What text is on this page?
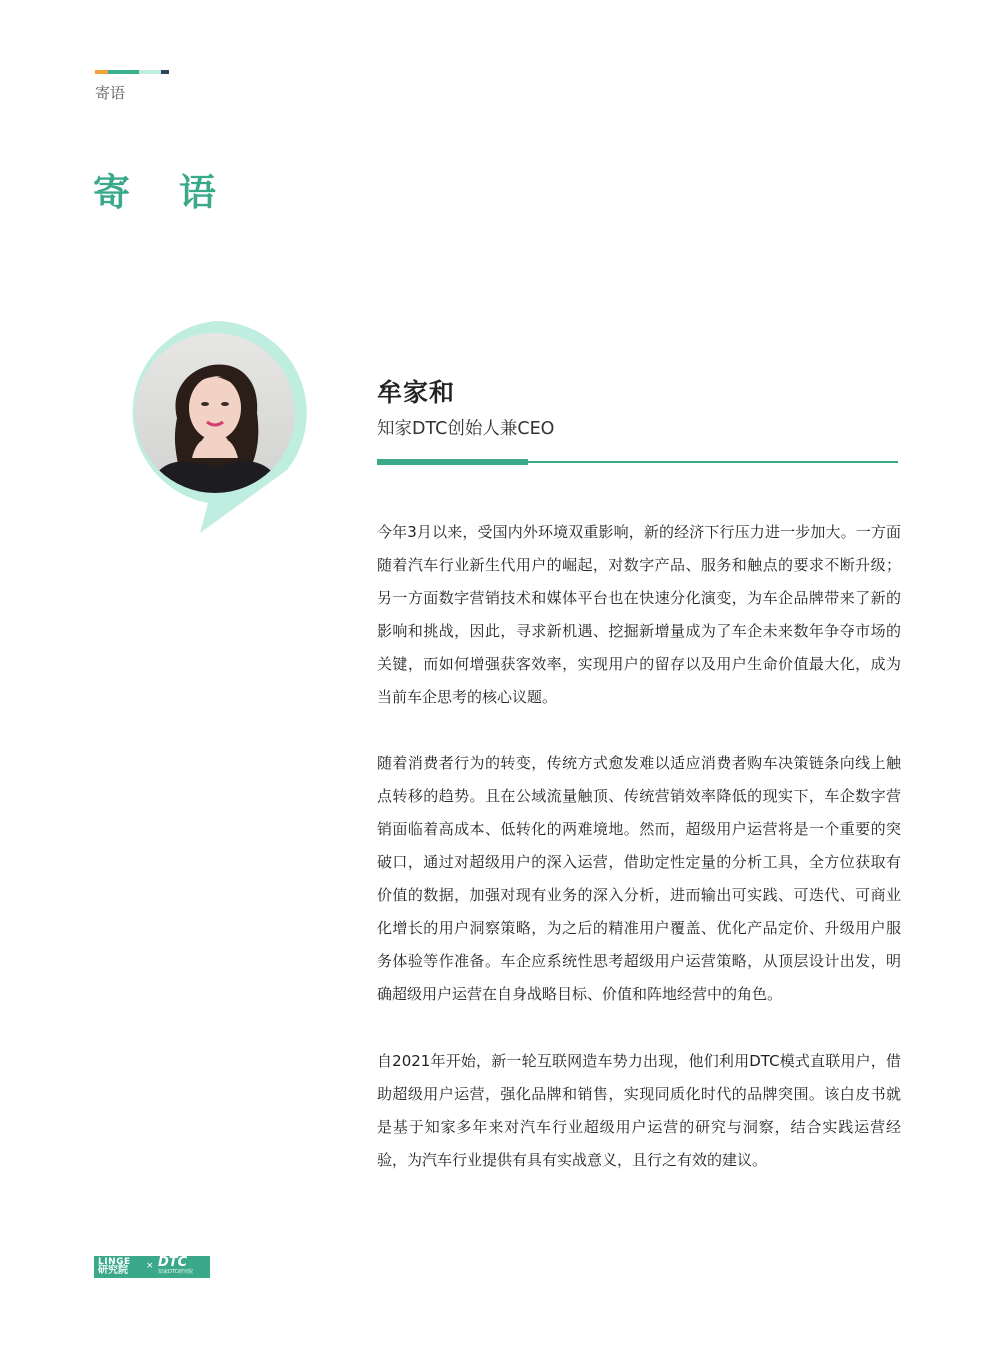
寄语
寄 语
牟家和
知家DTC创始人兼CEO

今年3月以来，受国内外环境双重影响，新的经济下行压力进一步加大。一方面随着汽车行业新生代用户的崛起，对数字产品、服务和触点的要求不断升级；另一方面数字营销技术和媒体平台也在快速分化演变，为车企品牌带来了新的影响和挑战，因此，寻求新机遇、挖掘新增量成为了车企未来数年争夺市场的关键，而如何增强获客效率，实现用户的留存以及用户生命价值最大化，成为当前车企思考的核心议题。

随着消费者行为的转变，传统方式愈发难以适应消费者购车决策链条向线上触点转移的趋势。且在公域流量触顶、传统营销效率降低的现实下，车企数字营销面临着高成本、低转化的两难境地。然而，超级用户运营将是一个重要的突破口，通过对超级用户的深入运营，借助定性定量的分析工具，全方位获取有价值的数据，加强对现有业务的深入分析，进而输出可实践、可迭代、可商业化增长的用户洞察策略，为之后的精准用户覆盖、优化产品定价、升级用户服务体验等作准备。车企应系统性思考超级用户运营策略，从顶层设计出发，明确超级用户运营在自身战略目标、价值和阵地经营中的角色。

自2021年开始，新一轮互联网造车势力出现，他们利用DTC模式直联用户，借助超级用户运营，强化品牌和销售，实现同质化时代的品牌突围。该白皮书就是基于知家多年来对汽车行业超级用户运营的研究与洞察，结合实践运营经验，为汽车行业提供有具有实战意义，且行之有效的建议。

LINGE
研究院 × DTC
知家DTC研究院
